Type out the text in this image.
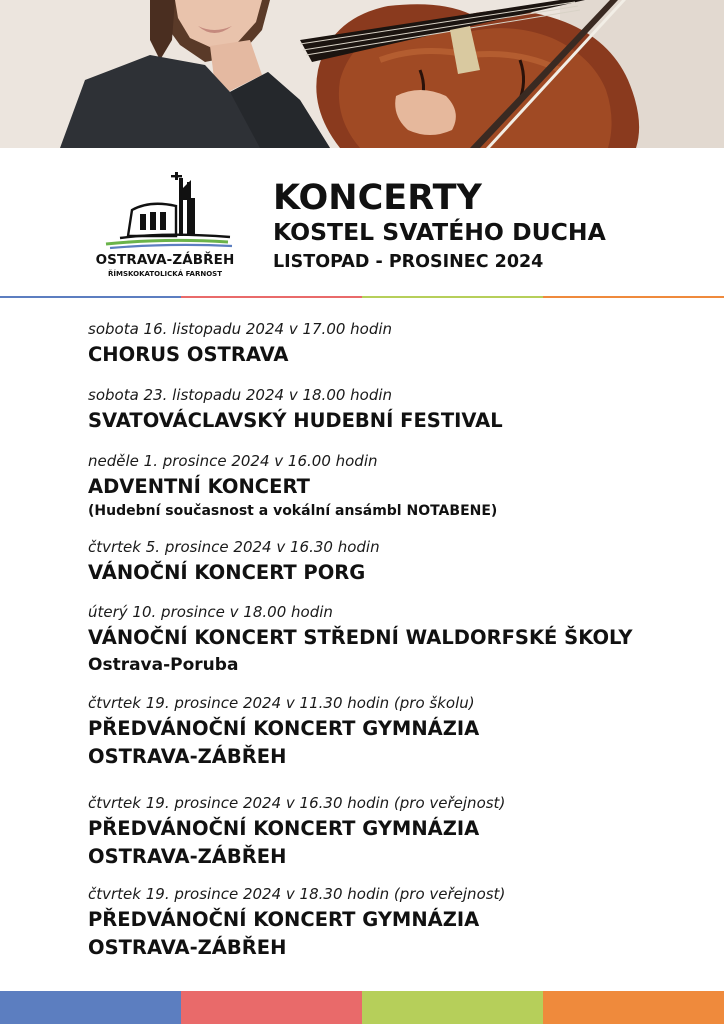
OSTRAVA-ZÁBŘEH
ŘÍMSKOKATOLICKÁ FARNOST
KONCERTY
KOSTEL SVATÉHO DUCHA
LISTOPAD - PROSINEC 2024
sobota 16. listopadu 2024 v 17.00 hodin
CHORUS OSTRAVA
sobota 23. listopadu 2024 v 18.00 hodin
SVATOVÁCLAVSKÝ HUDEBNÍ FESTIVAL
neděle 1. prosince 2024 v 16.00 hodin
ADVENTNÍ KONCERT
(Hudební současnost a vokální ansámbl NOTABENE)
čtvrtek 5. prosince 2024 v 16.30 hodin
VÁNOČNÍ KONCERT PORG
úterý 10. prosince v 18.00 hodin
VÁNOČNÍ KONCERT STŘEDNÍ WALDORFSKÉ ŠKOLY
Ostrava-Poruba
čtvrtek 19. prosince 2024 v 11.30 hodin (pro školu)
PŘEDVÁNOČNÍ KONCERT GYMNÁZIA
OSTRAVA-ZÁBŘEH
čtvrtek 19. prosince 2024 v 16.30 hodin (pro veřejnost)
PŘEDVÁNOČNÍ KONCERT GYMNÁZIA
OSTRAVA-ZÁBŘEH
čtvrtek 19. prosince 2024 v 18.30 hodin (pro veřejnost)
PŘEDVÁNOČNÍ KONCERT GYMNÁZIA
OSTRAVA-ZÁBŘEH
